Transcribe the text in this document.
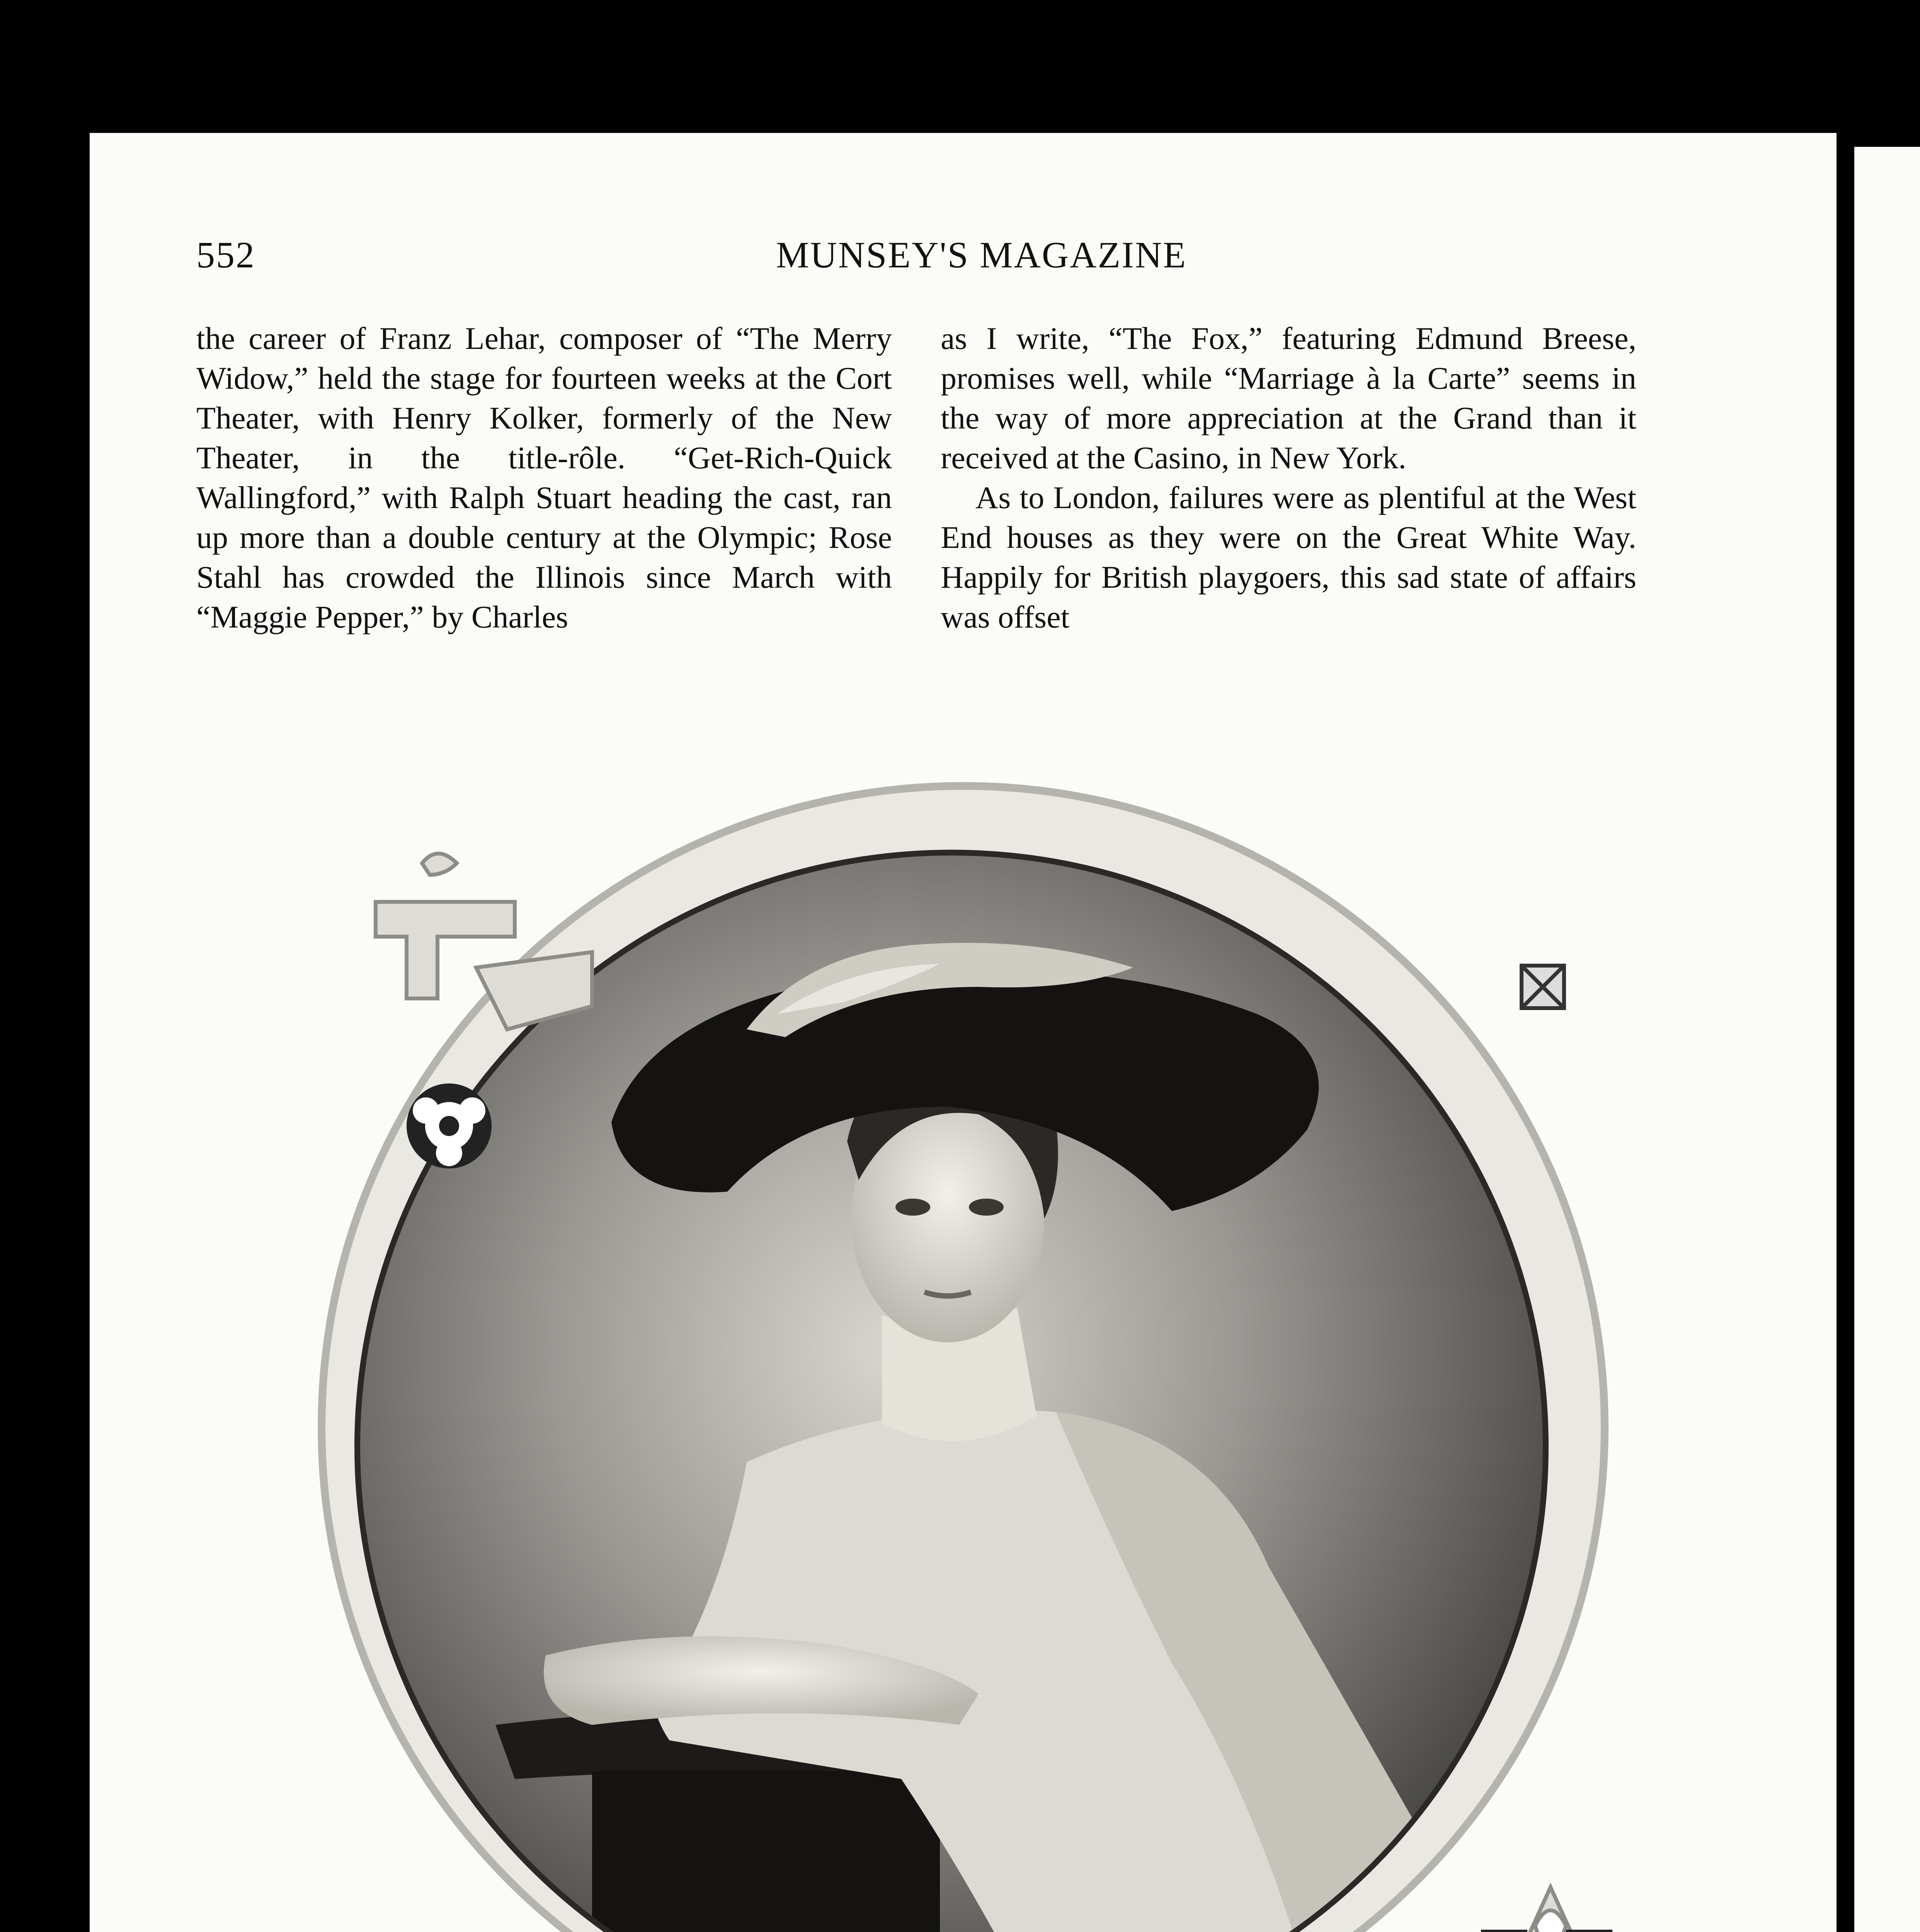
552	MUNSEY'S MAGAZINE

the career of Franz Lehar, composer of “The Merry Widow,” held the stage for fourteen weeks at the Cort Theater, with Henry Kolker, formerly of the New Theater, in the title-rôle. “Get-Rich-Quick Wallingford,” with Ralph Stuart heading the cast, ran up more than a double century at the Olympic; Rose Stahl has crowded the Illinois since March with “Maggie Pepper,” by Charles

as I write, “The Fox,” featuring Edmund Breese, promises well, while “Marriage à la Carte” seems in the way of more appreciation at the Grand than it received at the Casino, in New York.

As to London, failures were as plentiful at the West End houses as they were on the Great White Way. Happily for British playgoers, this sad state of affairs was offset
